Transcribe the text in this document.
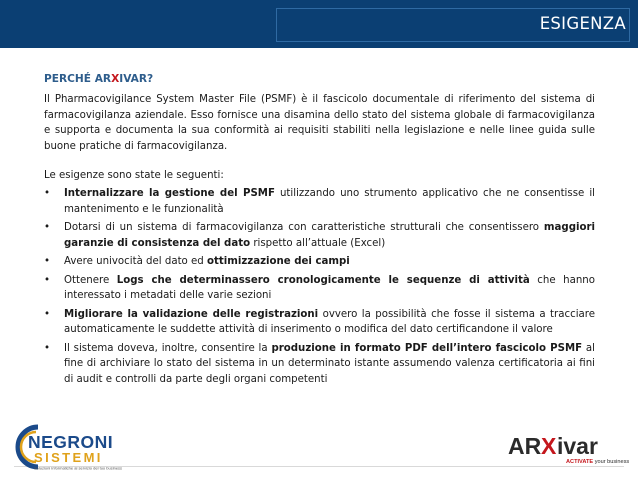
ESIGENZA
PERCHÉ ARXIVAR?

Il Pharmacovigilance System Master File (PSMF) è il fascicolo documentale di riferimento del sistema di farmacovigilanza aziendale. Esso fornisce una disamina dello stato del sistema globale di farmacovigilanza e supporta e documenta la sua conformità ai requisiti stabiliti nella legislazione e nelle linee guida sulle buone pratiche di farmacovigilanza.

Le esigenze sono state le seguenti:

• Internalizzare la gestione del PSMF utilizzando uno strumento applicativo che ne consentisse il mantenimento e le funzionalità
• Dotarsi di un sistema di farmacovigilanza con caratteristiche strutturali che consentissero maggiori garanzie di consistenza del dato rispetto all’attuale (Excel)
• Avere univocità del dato ed ottimizzazione dei campi
• Ottenere Logs che determinassero cronologicamente le sequenze di attività che hanno interessato i metadati delle varie sezioni
• Migliorare la validazione delle registrazioni ovvero la possibilità che fosse il sistema a tracciare automaticamente le suddette attività di inserimento o modifica del dato certificandone il valore
• Il sistema doveva, inoltre, consentire la produzione in formato PDF dell’intero fascicolo PSMF al fine di archiviare lo stato del sistema in un determinato istante assumendo valenza certificatoria ai fini di audit e controlli da parte degli organi competenti
NEGRONI
SISTEMI
Soluzioni informatiche al servizio del tuo business
AR X ivar
ACTIVATE your business
